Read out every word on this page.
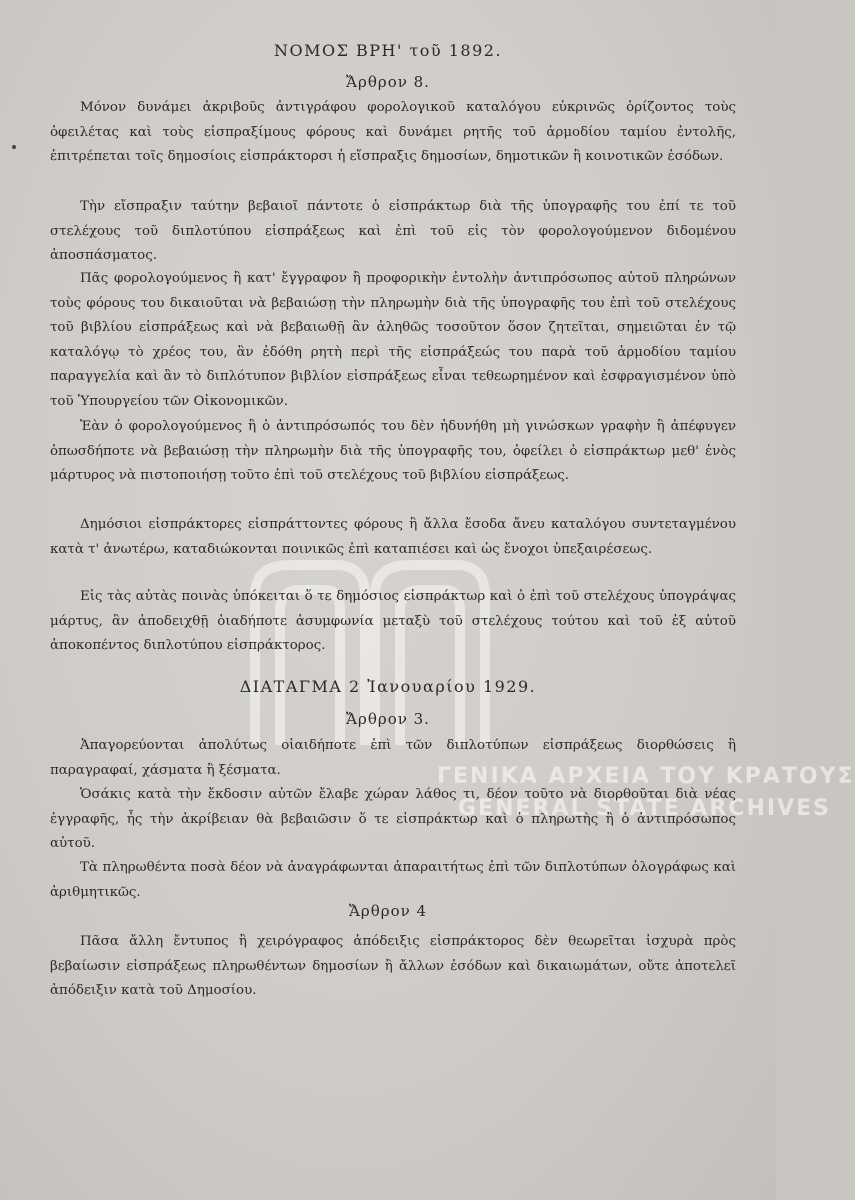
ΓΕΝΙΚΑ ΑΡΧΕΙΑ ΤΟΥ ΚΡΑΤΟΥΣ
GENERAL STATE ARCHIVES
ΝΟΜΟΣ ΒΡΗ' τοῦ 1892.
Ἄρθρον 8.

Μόνον δυνάμει ἀκριβοῦς ἀντιγράφου φορολογικοῦ καταλόγου εὐκρινῶς ὁρίζοντος τοὺς ὀφειλέτας καὶ τοὺς εἰσπραξίμους φόρους καὶ δυνάμει ρητῆς τοῦ ἁρμοδίου ταμίου ἐντολῆς, ἐπιτρέπεται τοῖς δημοσίοις εἰσπράκτορσι ἡ εἴσπραξις δημοσίων, δημοτικῶν ἢ κοινοτικῶν ἐσόδων.

Τὴν εἴσπραξιν ταύτην βεβαιοῖ πάντοτε ὁ εἰσπράκτωρ διὰ τῆς ὑπογραφῆς του ἐπί τε τοῦ στελέχους τοῦ διπλοτύπου εἰσπράξεως καὶ ἐπὶ τοῦ εἰς τὸν φορολογούμενον διδομένου ἀποσπάσματος.

Πᾶς φορολογούμενος ἢ κατ' ἔγγραφον ἢ προφορικὴν ἐντολὴν ἀντιπρόσωπος αὐτοῦ πληρώνων τοὺς φόρους του δικαιοῦται νὰ βεβαιώσῃ τὴν πληρωμὴν διὰ τῆς ὑπογραφῆς του ἐπὶ τοῦ στελέχους τοῦ βιβλίου εἰσπράξεως καὶ νὰ βεβαιωθῇ ἂν ἀληθῶς τοσοῦτον ὅσον ζητεῖται, σημειῶται ἐν τῷ καταλόγῳ τὸ χρέος του, ἂν ἐδόθη ρητὴ περὶ τῆς εἰσπράξεώς του παρὰ τοῦ ἁρμοδίου ταμίου παραγγελία καὶ ἂν τὸ διπλότυπον βιβλίον εἰσπράξεως εἶναι τεθεωρημένον καὶ ἐσφραγισμένον ὑπὸ τοῦ Ὑπουργείου τῶν Οἰκονομικῶν.

Ἐὰν ὁ φορολογούμενος ἢ ὁ ἀντιπρόσωπός του δὲν ἠδυνήθη μὴ γινώσκων γραφὴν ἢ ἀπέφυγεν ὁπωσδήποτε νὰ βεβαιώσῃ τὴν πληρωμὴν διὰ τῆς ὑπογραφῆς του, ὀφείλει ὁ εἰσπράκτωρ μεθ' ἑνὸς μάρτυρος νὰ πιστοποιήσῃ τοῦτο ἐπὶ τοῦ στελέχους τοῦ βιβλίου εἰσπράξεως.

Δημόσιοι εἰσπράκτορες εἰσπράττοντες φόρους ἢ ἄλλα ἔσοδα ἄνευ καταλόγου συντεταγμένου κατὰ τ' ἀνωτέρω, καταδιώκονται ποινικῶς ἐπὶ καταπιέσει καὶ ὡς ἔνοχοι ὑπεξαιρέσεως.

Εἰς τὰς αὐτὰς ποινὰς ὑπόκειται ὅ τε δημόσιος εἰσπράκτωρ καὶ ὁ ἐπὶ τοῦ στελέχους ὑπογράψας μάρτυς, ἂν ἀποδειχθῇ ὁιαδήποτε ἀσυμφωνία μεταξὺ τοῦ στελέχους τούτου καὶ τοῦ ἐξ αὐτοῦ ἀποκοπέντος διπλοτύπου εἰσπράκτορος.

ΔΙΑΤΑΓΜΑ 2 Ἰανουαρίου 1929.
Ἄρθρον 3.

Ἀπαγορεύονται ἀπολύτως οἱαιδήποτε ἐπὶ τῶν διπλοτύπων εἰσπράξεως διορθώσεις ἢ παραγραφαί, χάσματα ἢ ξέσματα.

Ὁσάκις κατὰ τὴν ἔκδοσιν αὐτῶν ἔλαβε χώραν λάθος τι, δέον τοῦτο νὰ διορθοῦται διὰ νέας ἐγγραφῆς, ἧς τὴν ἀκρίβειαν θὰ βεβαιῶσιν ὅ τε εἰσπράκτωρ καὶ ὁ πληρωτὴς ἢ ὁ ἀντιπρόσωπος αὐτοῦ.

Τὰ πληρωθέντα ποσὰ δέον νὰ ἀναγράφωνται ἀπαραιτήτως ἐπὶ τῶν διπλοτύπων ὁλογράφως καὶ ἀριθμητικῶς.

Ἄρθρον 4

Πᾶσα ἄλλη ἔντυπος ἢ χειρόγραφος ἀπόδειξις εἰσπράκτορος δὲν θεωρεῖται ἰσχυρὰ πρὸς βεβαίωσιν εἰσπράξεως πληρωθέντων δημοσίων ἢ ἄλλων ἐσόδων καὶ δικαιωμάτων, οὔτε ἀποτελεῖ ἀπόδειξιν κατὰ τοῦ Δημοσίου.
